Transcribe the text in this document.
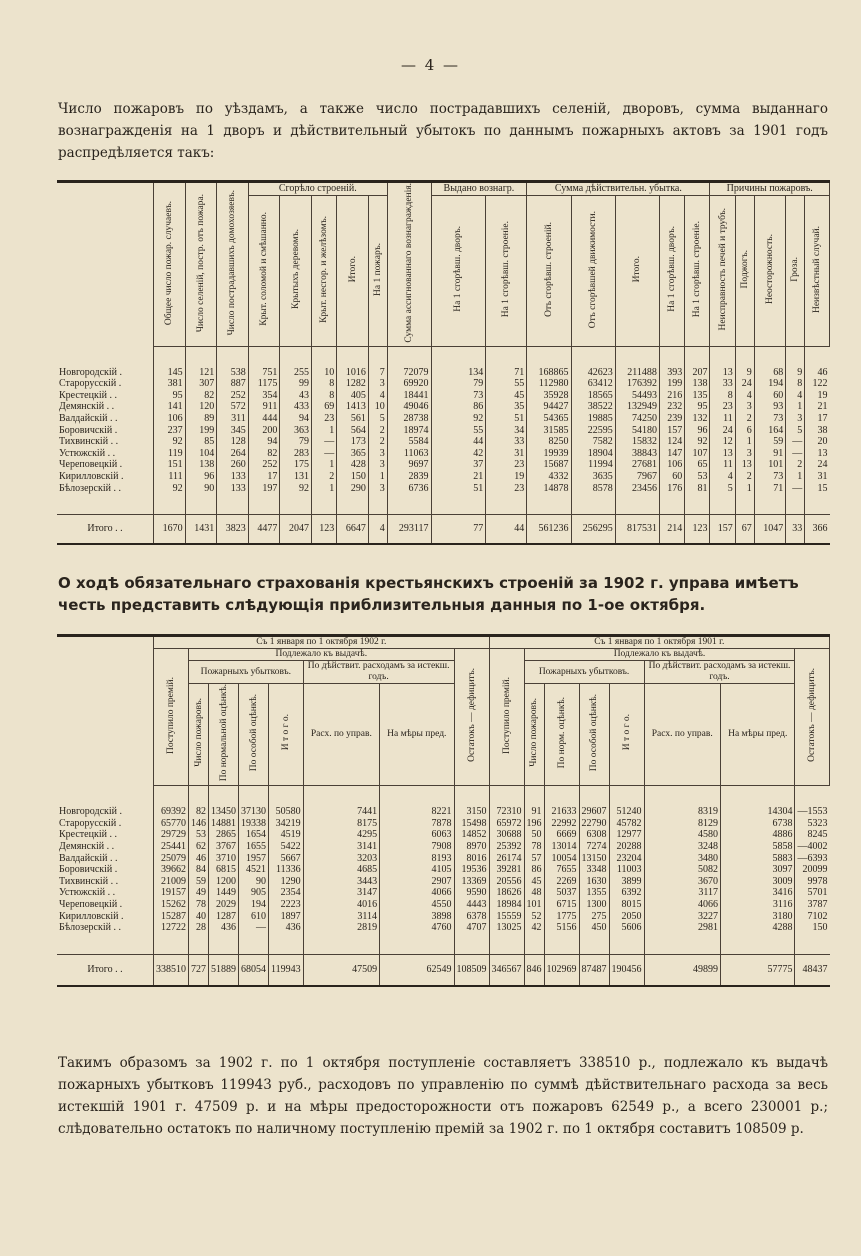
— 4 —
Число пожаровъ по уѣздамъ, а также число пострадавшихъ селеній, дворовъ, сумма выданнаго вознагражденія на 1 дворъ и дѣйствительный убытокъ по даннымъ пожарныхъ актовъ за 1901 годъ распредѣляется такъ:
	Общее число пожар. случаевъ.	Число селеній, постр. отъ пожара.	Число пострадавшихъ домохозяевъ.	Сгорѣло строеній.					Сумма ассигнованнаго вознагражденія.	Выдано вознагр.		Сумма дѣйствительн. убытка.					Причины пожаровъ.				
				Крыт. соломой и смѣшанно.	Крытыхъ деревомъ.	Крыт. несгор. и желѣзомъ.	Итого.	На 1 пожаръ.		На 1 сгорѣвш. дворъ.	На 1 сгорѣвш. строеніе.	Отъ сгорѣвш. строеній.	Отъ сгорѣвшей движимости.	Итого.	На 1 сгорѣвш. дворъ.	На 1 сгорѣвш. строеніе.	Неисправность печей и трубъ.	Поджогъ.	Неосторожность.	Гроза.	Неизвѣстный случай.

Новгородскій .	145	121	538	751	255	10	1016	7	72079	134	71	168865	42623	211488	393	207	13	9	68	9	46
Старорусскій .	381	307	887	1175	99	8	1282	3	69920	79	55	112980	63412	176392	199	138	33	24	194	8	122
Крестецкій . .	95	82	252	354	43	8	405	4	18441	73	45	35928	18565	54493	216	135	8	4	60	4	19
Демянскій . .	141	120	572	911	433	69	1413	10	49046	86	35	94427	38522	132949	232	95	23	3	93	1	21
Валдайскій . .	106	89	311	444	94	23	561	5	28738	92	51	54365	19885	74250	239	132	11	2	73	3	17
Боровичскій .	237	199	345	200	363	1	564	2	18974	55	34	31585	22595	54180	157	96	24	6	164	5	38
Тихвинскій . .	92	85	128	94	79	—	173	2	5584	44	33	8250	7582	15832	124	92	12	1	59	—	20
Устюжскій . .	119	104	264	82	283	—	365	3	11063	42	31	19939	18904	38843	147	107	13	3	91	—	13
Череповецкій .	151	138	260	252	175	1	428	3	9697	37	23	15687	11994	27681	106	65	11	13	101	2	24
Кирилловскій .	111	96	133	17	131	2	150	1	2839	21	19	4332	3635	7967	60	53	4	2	73	1	31
Бѣлозерскій . .	92	90	133	197	92	1	290	3	6736	51	23	14878	8578	23456	176	81	5	1	71	—	15

Итого . .	1670	1431	3823	4477	2047	123	6647	4	293117	77	44	561236	256295	817531	214	123	157	67	1047	33	366
О ходѣ обязательнаго страхованія крестьянскихъ строеній за 1902 г. управа имѣетъ честь представить слѣдующія приблизительныя данныя по 1-ое октября.
	Съ 1 января по 1 октября 1902 г.								Съ 1 января по 1 октября 1901 г.							
	Поступило премій.	Подлежало къ выдачѣ.						Остатокъ — дефицитъ.	Поступило премій.	Подлежало къ выдачѣ.						Остатокъ — дефицитъ.
		Пожарныхъ убытковъ.				По дѣйствит. расходамъ за истекш. годъ.				Пожарныхъ убытковъ.				По дѣйствит. расходамъ за истекш. годъ.		
		Число пожаровъ.	По нормальной оцѣнкѣ.	По особой оцѣнкѣ.	И т о г о.	Расх. по управ.	На мѣры пред.			Число пожаровъ.	По норм. оцѣнкѣ.	По особой оцѣнкѣ.	И т о г о.	Расх. по управ.	На мѣры пред.	

Новгородскій .	69392	82	13450	37130	50580	7441	8221	3150	72310	91	21633	29607	51240	8319	14304	—1553
Старорусскій .	65770	146	14881	19338	34219	8175	7878	15498	65972	196	22992	22790	45782	8129	6738	5323
Крестецкій . .	29729	53	2865	1654	4519	4295	6063	14852	30688	50	6669	6308	12977	4580	4886	8245
Демянскій . .	25441	62	3767	1655	5422	3141	7908	8970	25392	78	13014	7274	20288	3248	5858	—4002
Валдайскій . .	25079	46	3710	1957	5667	3203	8193	8016	26174	57	10054	13150	23204	3480	5883	—6393
Боровичскій .	39662	84	6815	4521	11336	4685	4105	19536	39281	86	7655	3348	11003	5082	3097	20099
Тихвинскій . .	21009	59	1200	90	1290	3443	2907	13369	20556	45	2269	1630	3899	3670	3009	9978
Устюжскій . .	19157	49	1449	905	2354	3147	4066	9590	18626	48	5037	1355	6392	3117	3416	5701
Череповецкій .	15262	78	2029	194	2223	4016	4550	4443	18984	101	6715	1300	8015	4066	3116	3787
Кирилловскій .	15287	40	1287	610	1897	3114	3898	6378	15559	52	1775	275	2050	3227	3180	7102
Бѣлозерскій . .	12722	28	436	—	436	2819	4760	4707	13025	42	5156	450	5606	2981	4288	150

Итого . .	338510	727	51889	68054	119943	47509	62549	108509	346567	846	102969	87487	190456	49899	57775	48437
Такимъ образомъ за 1902 г. по 1 октября поступленіе составляетъ 338510 р., подлежало къ выдачѣ пожарныхъ убытковъ 119943 руб., расходовъ по управленію по суммѣ дѣйствительнаго расхода за весь истекшій 1901 г. 47509 р. и на мѣры предосторожности отъ пожаровъ 62549 р., а всего 230001 р.; слѣдовательно остатокъ по наличному поступленію премій за 1902 г. по 1 октября составитъ 108509 р.
